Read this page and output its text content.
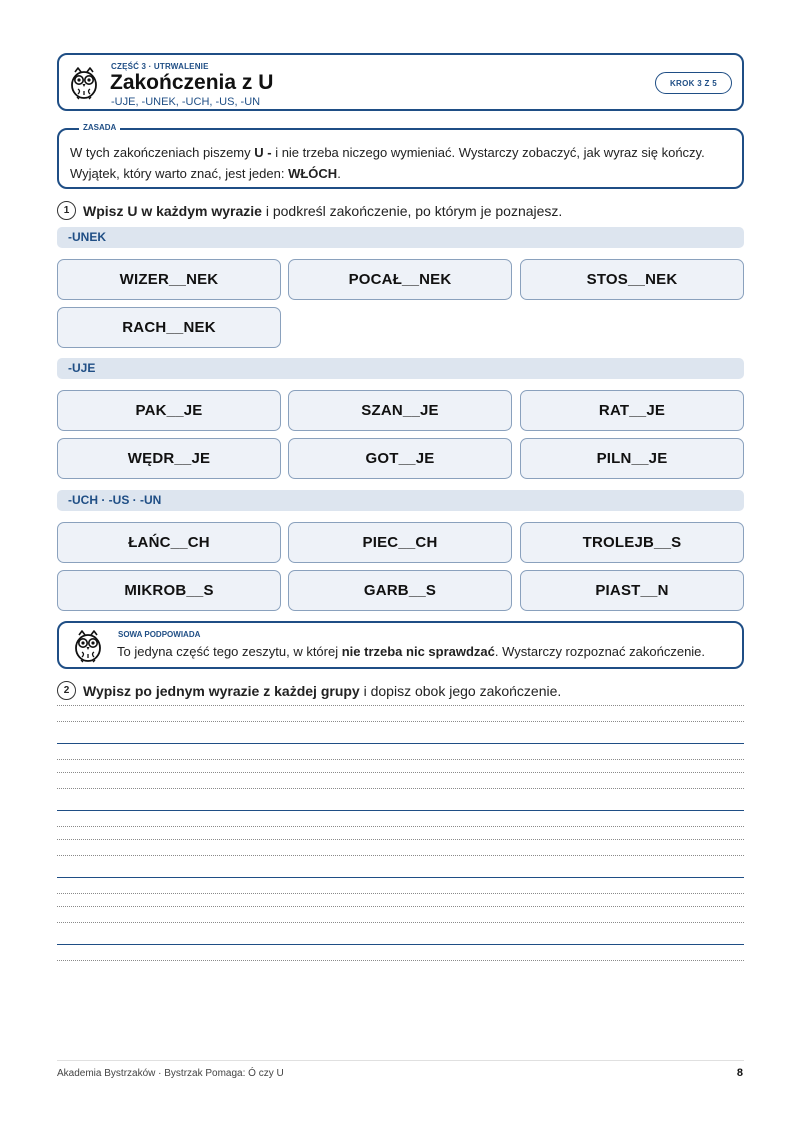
CZĘŚĆ 3 · UTRWALENIE
Zakończenia z U
-UJE, -UNEK, -UCH, -US, -UN
KROK 3 Z 5
ZASADA
W tych zakończeniach piszemy U - i nie trzeba niczego wymieniać. Wystarczy zobaczyć, jak wyraz się kończy. Wyjątek, który warto znać, jest jeden: WŁÓCH.
1 Wpisz U w każdym wyrazie i podkreśl zakończenie, po którym je poznajesz.
-UNEK
WIZER__NEK	POCAŁ__NEK	STOS__NEK
RACH__NEK
-UJE
PAK__JE	SZAN__JE	RAT__JE
WĘDR__JE	GOT__JE	PILN__JE
-UCH · -US · -UN
ŁAŃC__CH	PIEC__CH	TROLEJB__S
MIKROB__S	GARB__S	PIAST__N
SOWA PODPOWIADA
To jedyna część tego zeszytu, w której nie trzeba nic sprawdzać. Wystarczy rozpoznać zakończenie.
2 Wypisz po jednym wyrazie z każdej grupy i dopisz obok jego zakończenie.
Akademia Bystrzaków · Bystrzak Pomaga: Ó czy U	8
